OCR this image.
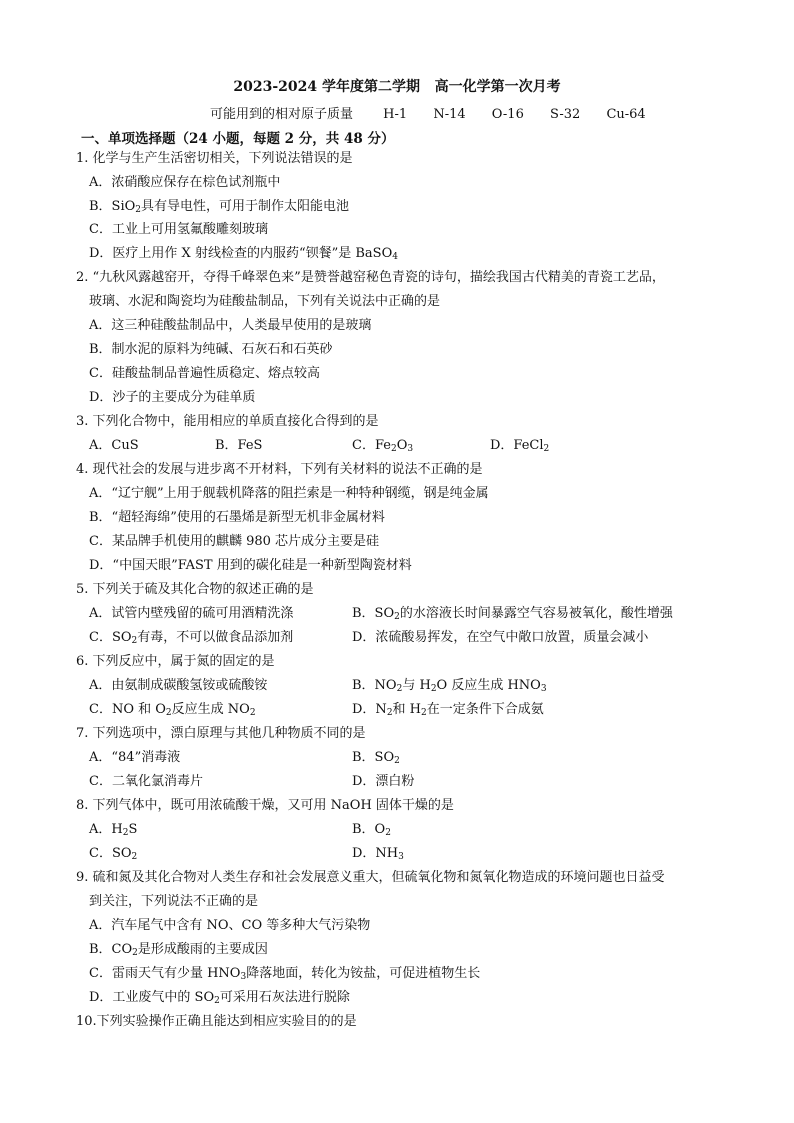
2023-2024 学年度第二学期   高一化学第一次月考
可能用到的相对原子质量 H-1 N-14 O-16 S-32 Cu-64
一、单项选择题（24 小题，每题 2 分，共 48 分）
1. 化学与生产生活密切相关，下列说法错误的是
A．浓硝酸应保存在棕色试剂瓶中
B．SiO$_2$具有导电性，可用于制作太阳能电池
C．工业上可用氢氟酸雕刻玻璃
D．医疗上用作 X 射线检查的内服药“钡餐”是 BaSO$_4$
2. “九秋风露越窑开，夺得千峰翠色来”是赞誉越窑秘色青瓷的诗句，描绘我国古代精美的青瓷工艺品，
玻璃、水泥和陶瓷均为硅酸盐制品，下列有关说法中正确的是
A．这三种硅酸盐制品中，人类最早使用的是玻璃
B．制水泥的原料为纯碱、石灰石和石英砂
C．硅酸盐制品普遍性质稳定、熔点较高
D．沙子的主要成分为硅单质
3. 下列化合物中，能用相应的单质直接化合得到的是
A．CuS	B．FeS	C．$Fe_2O_3$	D．FeCl$_2$
4. 现代社会的发展与进步离不开材料，下列有关材料的说法不正确的是
A．“辽宁舰”上用于舰载机降落的阻拦索是一种特种钢缆，钢是纯金属
B．“超轻海绵”使用的石墨烯是新型无机非金属材料
C．某品牌手机使用的麒麟 980 芯片成分主要是硅
D．“中国天眼”FAST 用到的碳化硅是一种新型陶瓷材料
5. 下列关于硫及其化合物的叙述正确的是
A．试管内壁残留的硫可用酒精洗涤	B．$SO_2$的水溶液长时间暴露空气容易被氧化，酸性增强
C．$SO_2$有毒，不可以做食品添加剂	D．浓硫酸易挥发，在空气中敞口放置，质量会减小
6. 下列反应中，属于氮的固定的是
A．由氨制成碳酸氢铵或硫酸铵	B．$NO_2$与 $H_2O$ 反应生成 $HNO_3$
C．NO 和 $O_2$反应生成 $NO_2$	D．$N_2$和 $H_2$在一定条件下合成氨
7. 下列选项中，漂白原理与其他几种物质不同的是
A．“84”消毒液	B．$SO_2$
C．二氧化氯消毒片	D．漂白粉
8. 下列气体中，既可用浓硫酸干燥，又可用 NaOH 固体干燥的是
A．$H_2S$	B．$O_2$
C．$SO_2$	D．$NH_3$
9. 硫和氮及其化合物对人类生存和社会发展意义重大，但硫氧化物和氮氧化物造成的环境问题也日益受
到关注，下列说法不正确的是
A．汽车尾气中含有 NO、CO 等多种大气污染物
B．$CO_2$是形成酸雨的主要成因
C．雷雨天气有少量 $HNO_3$降落地面，转化为铵盐，可促进植物生长
D．工业废气中的 $SO_2$可采用石灰法进行脱除
10.下列实验操作正确且能达到相应实验目的的是
